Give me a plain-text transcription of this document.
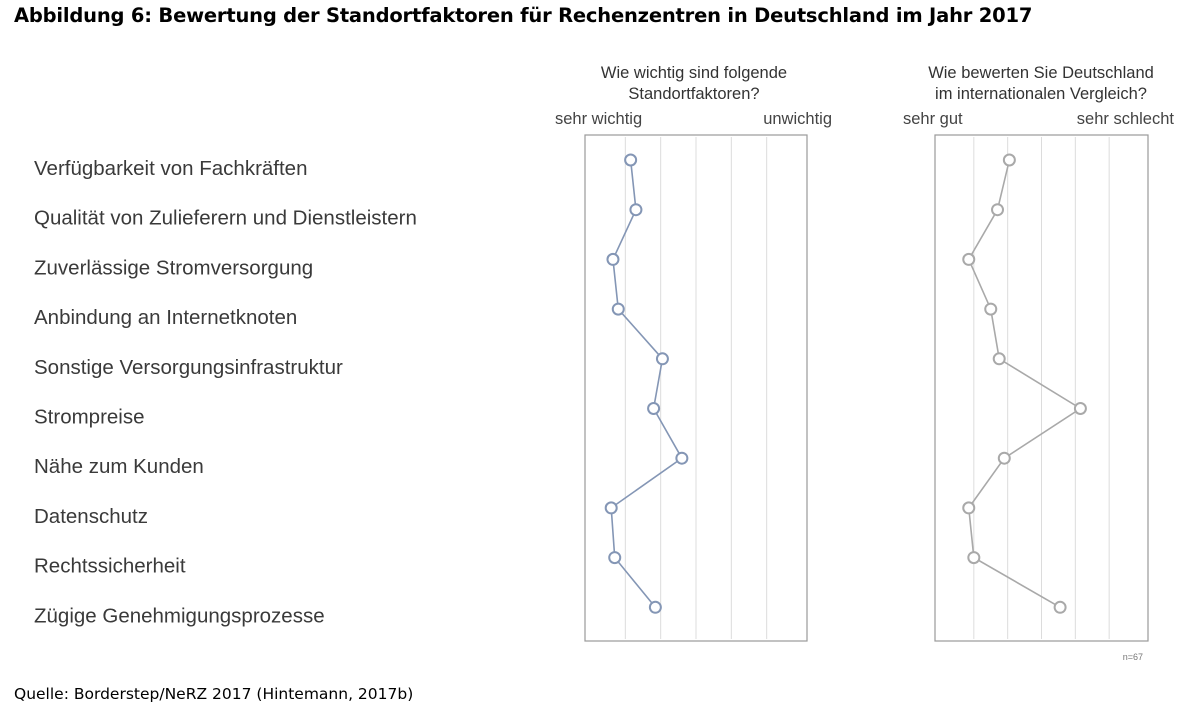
Abbildung 6: Bewertung der Standortfaktoren für Rechenzentren in Deutschland im Jahr 2017
Verfügbarkeit von Fachkräften
Qualität von Zulieferern und Dienstleistern
Zuverlässige Stromversorgung
Anbindung an Internetknoten
Sonstige Versorgungsinfrastruktur
Strompreise
Nähe zum Kunden
Datenschutz
Rechtssicherheit
Zügige Genehmigungsprozesse
Wie wichtig sind folgende
Standortfaktoren?
sehr wichtig	unwichtig
Wie bewerten Sie Deutschland
im internationalen Vergleich?
sehr gut	sehr schlecht
n=67
Quelle: Borderstep/NeRZ 2017 (Hintemann, 2017b)
